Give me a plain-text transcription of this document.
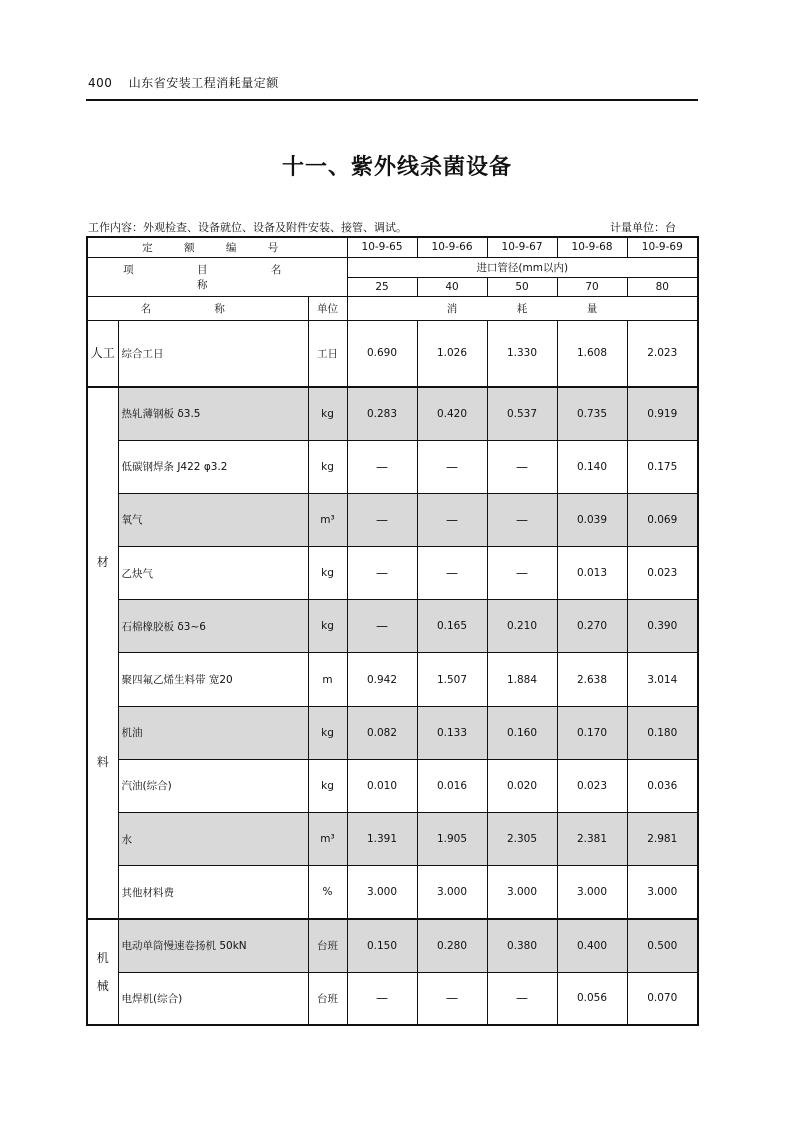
400 山东省安装工程消耗量定额
十一、紫外线杀菌设备
工作内容：外观检查、设备就位、设备及附件安装、接管、调试。	计量单位：台
定 额 编 号			10-9-65	10-9-66	10-9-67	10-9-68	10-9-69
项 目 名 称			进口管径(mm以内)				
			25	40	50	70	80
名 称		单位		消	耗	量	

人工	综合工日	工日	0.690	1.026	1.330	1.608	2.023

材
料	热轧薄钢板 δ3.5	kg	0.283	0.420	0.537	0.735	0.919
	低碳钢焊条 J422 φ3.2	kg	—	—	—	0.140	0.175
	氧气	m³	—	—	—	0.039	0.069
	乙炔气	kg	—	—	—	0.013	0.023
	石棉橡胶板 δ3~6	kg	—	0.165	0.210	0.270	0.390
	聚四氟乙烯生料带 宽20	m	0.942	1.507	1.884	2.638	3.014
	机油	kg	0.082	0.133	0.160	0.170	0.180
	汽油(综合)	kg	0.010	0.016	0.020	0.023	0.036
	水	m³	1.391	1.905	2.305	2.381	2.981
	其他材料费	%	3.000	3.000	3.000	3.000	3.000

机
械	电动单筒慢速卷扬机 50kN	台班	0.150	0.280	0.380	0.400	0.500
	电焊机(综合)	台班	—	—	—	0.056	0.070
